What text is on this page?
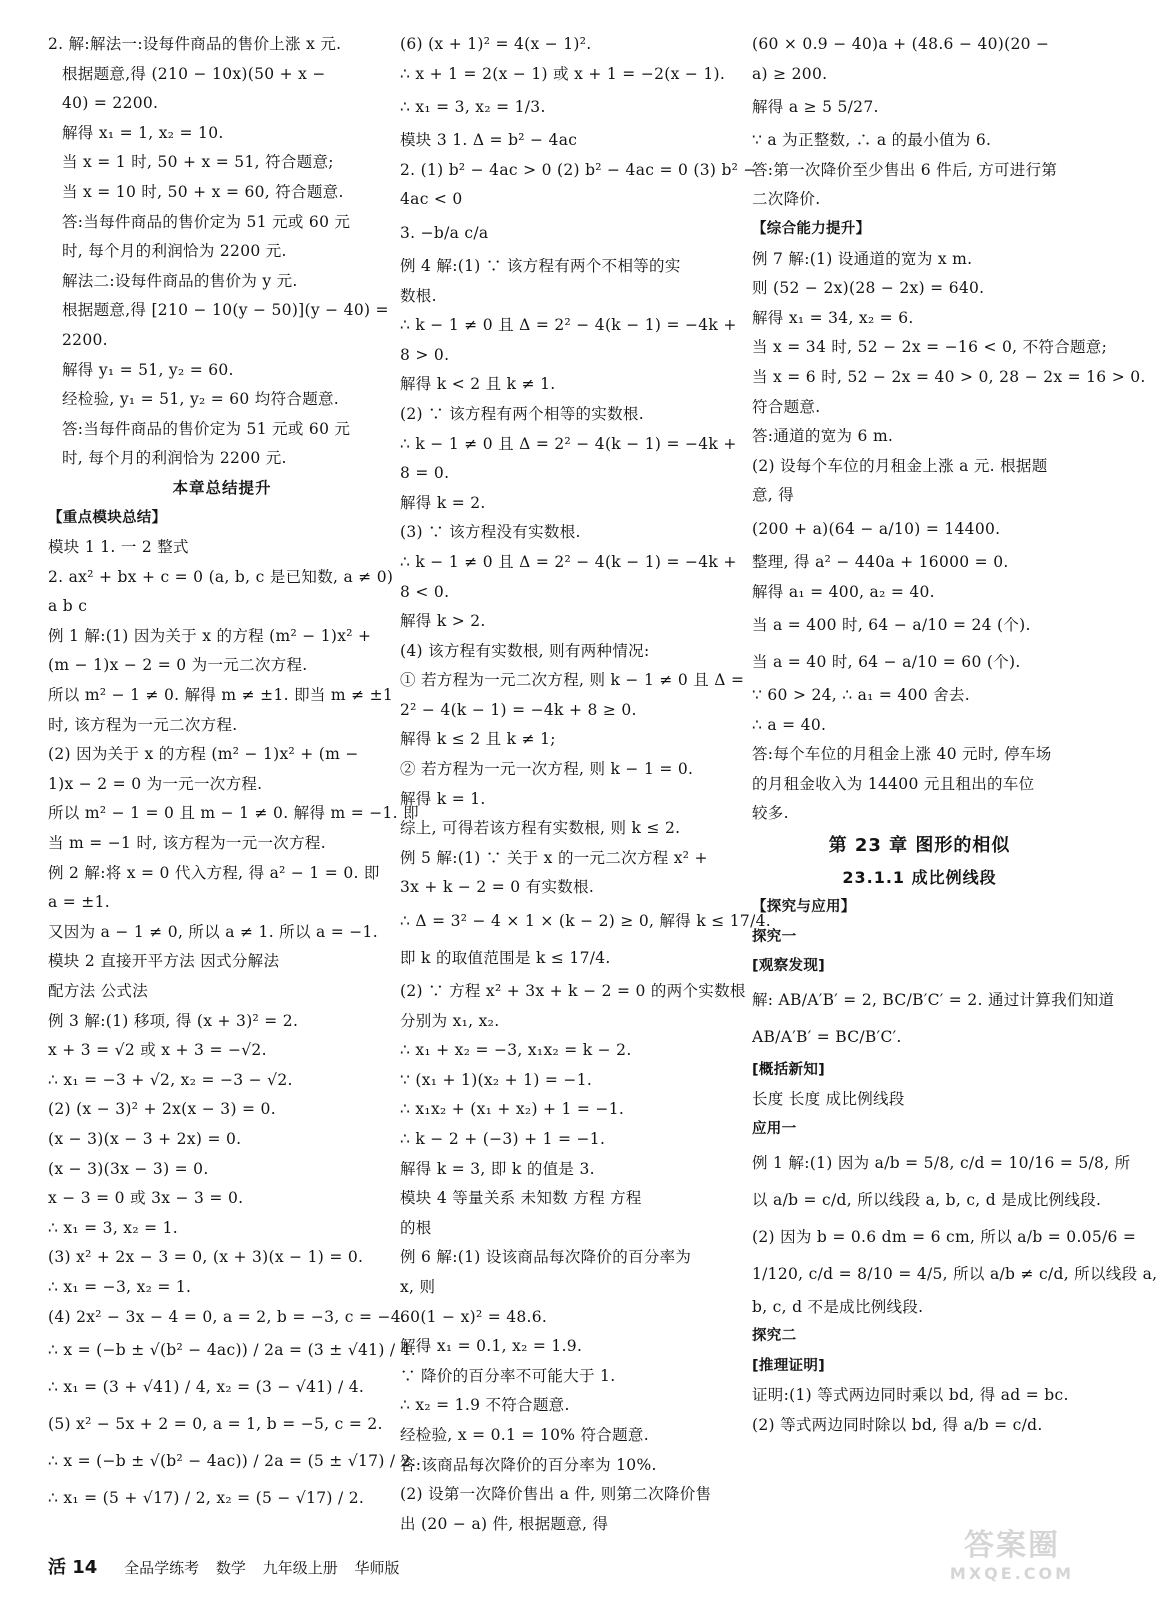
2. 解:解法一:设每件商品的售价上涨 x 元.
根据题意,得 (210 − 10x)(50 + x −
40) = 2200.
解得 x₁ = 1, x₂ = 10.
当 x = 1 时, 50 + x = 51, 符合题意;
当 x = 10 时, 50 + x = 60, 符合题意.
答:当每件商品的售价定为 51 元或 60 元
时, 每个月的利润恰为 2200 元.
解法二:设每件商品的售价为 y 元.
根据题意,得 [210 − 10(y − 50)](y − 40) =
2200.
解得 y₁ = 51, y₂ = 60.
经检验, y₁ = 51, y₂ = 60 均符合题意.
答:当每件商品的售价定为 51 元或 60 元
时, 每个月的利润恰为 2200 元.
本章总结提升
【重点模块总结】
模块 1 1. 一 2 整式
2. ax² + bx + c = 0 (a, b, c 是已知数, a ≠ 0)
a b c
例 1 解:(1) 因为关于 x 的方程 (m² − 1)x² +
(m − 1)x − 2 = 0 为一元二次方程.
所以 m² − 1 ≠ 0. 解得 m ≠ ±1. 即当 m ≠ ±1
时, 该方程为一元二次方程.
(2) 因为关于 x 的方程 (m² − 1)x² + (m −
1)x − 2 = 0 为一元一次方程.
所以 m² − 1 = 0 且 m − 1 ≠ 0. 解得 m = −1. 即
当 m = −1 时, 该方程为一元一次方程.
例 2 解:将 x = 0 代入方程, 得 a² − 1 = 0. 即
a = ±1.
又因为 a − 1 ≠ 0, 所以 a ≠ 1. 所以 a = −1.
模块 2 直接开平方法 因式分解法
配方法 公式法
例 3 解:(1) 移项, 得 (x + 3)² = 2.
x + 3 = √2 或 x + 3 = −√2.
∴ x₁ = −3 + √2, x₂ = −3 − √2.
(2) (x − 3)² + 2x(x − 3) = 0.
(x − 3)(x − 3 + 2x) = 0.
(x − 3)(3x − 3) = 0.
x − 3 = 0 或 3x − 3 = 0.
∴ x₁ = 3, x₂ = 1.
(3) x² + 2x − 3 = 0, (x + 3)(x − 1) = 0.
∴ x₁ = −3, x₂ = 1.
(4) 2x² − 3x − 4 = 0, a = 2, b = −3, c = −4.
∴ x = (−b ± √(b² − 4ac)) / 2a = (3 ± √41) / 4.
∴ x₁ = (3 + √41) / 4, x₂ = (3 − √41) / 4.
(5) x² − 5x + 2 = 0, a = 1, b = −5, c = 2.
∴ x = (−b ± √(b² − 4ac)) / 2a = (5 ± √17) / 2.
∴ x₁ = (5 + √17) / 2, x₂ = (5 − √17) / 2.
(6) (x + 1)² = 4(x − 1)².
∴ x + 1 = 2(x − 1) 或 x + 1 = −2(x − 1).
∴ x₁ = 3, x₂ = 1/3.
模块 3 1. Δ = b² − 4ac
2. (1) b² − 4ac > 0 (2) b² − 4ac = 0 (3) b² −
4ac < 0
3. −b/a c/a
例 4 解:(1) ∵ 该方程有两个不相等的实
数根.
∴ k − 1 ≠ 0 且 Δ = 2² − 4(k − 1) = −4k +
8 > 0.
解得 k < 2 且 k ≠ 1.
(2) ∵ 该方程有两个相等的实数根.
∴ k − 1 ≠ 0 且 Δ = 2² − 4(k − 1) = −4k +
8 = 0.
解得 k = 2.
(3) ∵ 该方程没有实数根.
∴ k − 1 ≠ 0 且 Δ = 2² − 4(k − 1) = −4k +
8 < 0.
解得 k > 2.
(4) 该方程有实数根, 则有两种情况:
① 若方程为一元二次方程, 则 k − 1 ≠ 0 且 Δ =
2² − 4(k − 1) = −4k + 8 ≥ 0.
解得 k ≤ 2 且 k ≠ 1;
② 若方程为一元一次方程, 则 k − 1 = 0.
解得 k = 1.
综上, 可得若该方程有实数根, 则 k ≤ 2.
例 5 解:(1) ∵ 关于 x 的一元二次方程 x² +
3x + k − 2 = 0 有实数根.
∴ Δ = 3² − 4 × 1 × (k − 2) ≥ 0, 解得 k ≤ 17/4.
即 k 的取值范围是 k ≤ 17/4.
(2) ∵ 方程 x² + 3x + k − 2 = 0 的两个实数根
分别为 x₁, x₂.
∴ x₁ + x₂ = −3, x₁x₂ = k − 2.
∵ (x₁ + 1)(x₂ + 1) = −1.
∴ x₁x₂ + (x₁ + x₂) + 1 = −1.
∴ k − 2 + (−3) + 1 = −1.
解得 k = 3, 即 k 的值是 3.
模块 4 等量关系 未知数 方程 方程
的根
例 6 解:(1) 设该商品每次降价的百分率为
x, 则
60(1 − x)² = 48.6.
解得 x₁ = 0.1, x₂ = 1.9.
∵ 降价的百分率不可能大于 1.
∴ x₂ = 1.9 不符合题意.
经检验, x = 0.1 = 10% 符合题意.
答:该商品每次降价的百分率为 10%.
(2) 设第一次降价售出 a 件, 则第二次降价售
出 (20 − a) 件, 根据题意, 得
(60 × 0.9 − 40)a + (48.6 − 40)(20 −
a) ≥ 200.
解得 a ≥ 5 5/27.
∵ a 为正整数, ∴ a 的最小值为 6.
答:第一次降价至少售出 6 件后, 方可进行第
二次降价.
【综合能力提升】
例 7 解:(1) 设通道的宽为 x m.
则 (52 − 2x)(28 − 2x) = 640.
解得 x₁ = 34, x₂ = 6.
当 x = 34 时, 52 − 2x = −16 < 0, 不符合题意;
当 x = 6 时, 52 − 2x = 40 > 0, 28 − 2x = 16 > 0.
符合题意.
答:通道的宽为 6 m.
(2) 设每个车位的月租金上涨 a 元. 根据题
意, 得
(200 + a)(64 − a/10) = 14400.
整理, 得 a² − 440a + 16000 = 0.
解得 a₁ = 400, a₂ = 40.
当 a = 400 时, 64 − a/10 = 24 (个).
当 a = 40 时, 64 − a/10 = 60 (个).
∵ 60 > 24, ∴ a₁ = 400 舍去.
∴ a = 40.
答:每个车位的月租金上涨 40 元时, 停车场
的月租金收入为 14400 元且租出的车位
较多.
第 23 章 图形的相似
23.1.1 成比例线段
【探究与应用】
探究一
[观察发现]
解: AB/A′B′ = 2, BC/B′C′ = 2. 通过计算我们知道
AB/A′B′ = BC/B′C′.
[概括新知]
长度 长度 成比例线段
应用一
例 1 解:(1) 因为 a/b = 5/8, c/d = 10/16 = 5/8, 所
以 a/b = c/d, 所以线段 a, b, c, d 是成比例线段.
(2) 因为 b = 0.6 dm = 6 cm, 所以 a/b = 0.05/6 =
1/120, c/d = 8/10 = 4/5, 所以 a/b ≠ c/d, 所以线段 a,
b, c, d 不是成比例线段.
探究二
[推理证明]
证明:(1) 等式两边同时乘以 bd, 得 ad = bc.
(2) 等式两边同时除以 bd, 得 a/b = c/d.
活 14 全品学练考 数学 九年级上册 华师版
答案圈
MXQE.COM
